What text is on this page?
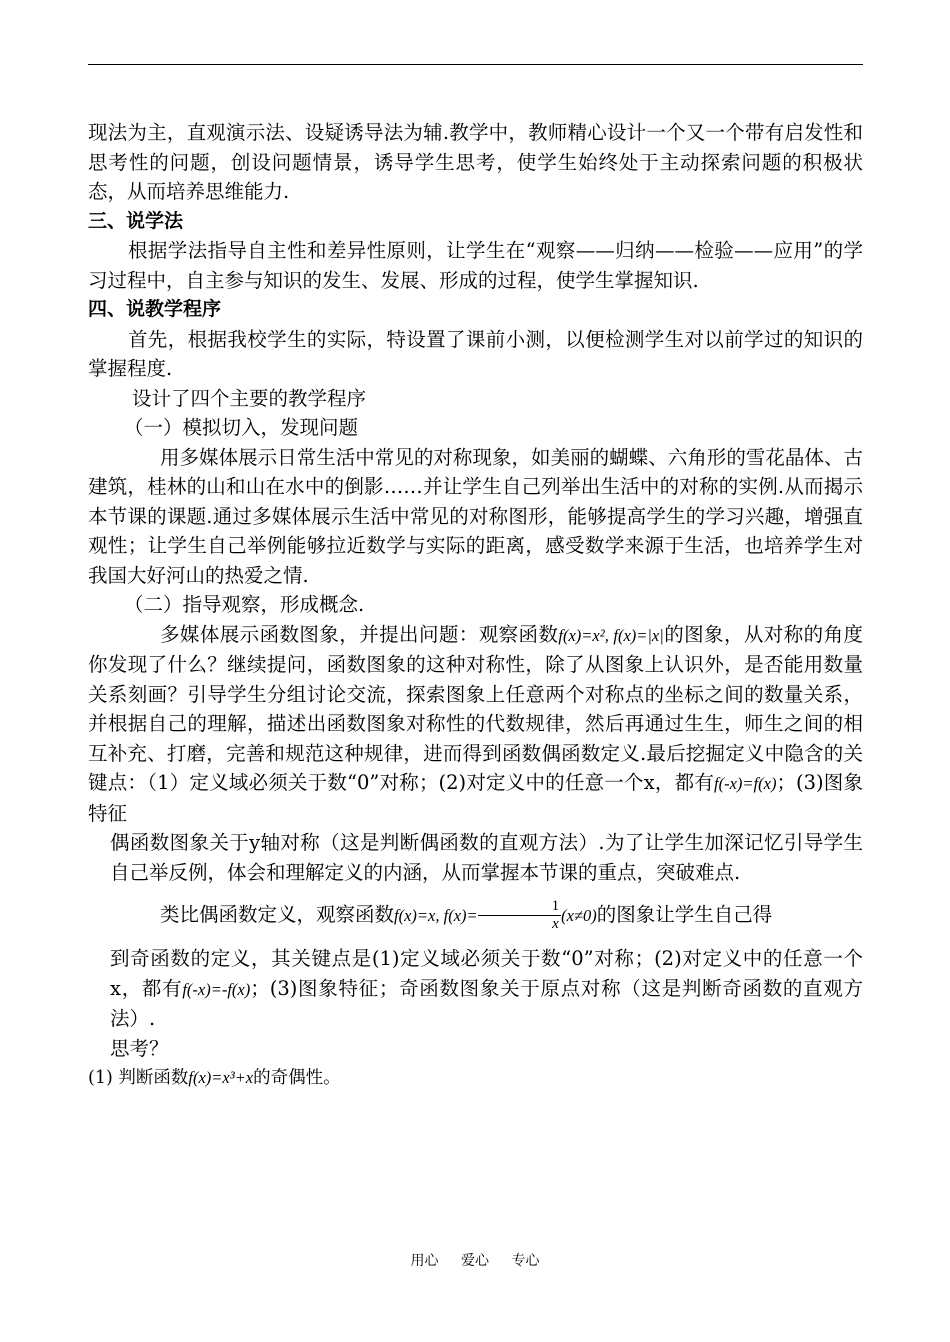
现法为主，直观演示法、设疑诱导法为辅.教学中，教师精心设计一个又一个带有启发性和思考性的问题，创设问题情景，诱导学生思考，使学生始终处于主动探索问题的积极状态，从而培养思维能力.

三、说学法

根据学法指导自主性和差异性原则，让学生在“观察——归纳——检验——应用”的学习过程中，自主参与知识的发生、发展、形成的过程，使学生掌握知识.

四、说教学程序

首先，根据我校学生的实际，特设置了课前小测，以便检测学生对以前学过的知识的掌握程度.

设计了四个主要的教学程序

（一）模拟切入，发现问题

用多媒体展示日常生活中常见的对称现象，如美丽的蝴蝶、六角形的雪花晶体、古建筑，桂林的山和山在水中的倒影……并让学生自己列举出生活中的对称的实例.从而揭示本节课的课题.通过多媒体展示生活中常见的对称图形，能够提高学生的学习兴趣，增强直观性；让学生自己举例能够拉近数学与实际的距离，感受数学来源于生活，也培养学生对我国大好河山的热爱之情.

（二）指导观察，形成概念.

多媒体展示函数图象，并提出问题：观察函数f(x)=x², f(x)=|x|的图象，从对称的角度你发现了什么？继续提问，函数图象的这种对称性，除了从图象上认识外，是否能用数量关系刻画？引导学生分组讨论交流，探索图象上任意两个对称点的坐标之间的数量关系，并根据自己的理解，描述出函数图象对称性的代数规律，然后再通过生生，师生之间的相互补充、打磨，完善和规范这种规律，进而得到函数偶函数定义.最后挖掘定义中隐含的关键点：（1）定义域必须关于数“0”对称；(2)对定义中的任意一个x，都有f(-x)=f(x)；(3)图象特征

偶函数图象关于y轴对称（这是判断偶函数的直观方法）.为了让学生加深记忆引导学生自己举反例，体会和理解定义的内涵，从而掌握本节课的重点，突破难点.

类比偶函数定义，观察函数f(x)=x, $f(x)= \frac{1}{x} (x\ne 0)$的图象让学生自己得

到奇函数的定义，其关键点是(1)定义域必须关于数“0”对称；(2)对定义中的任意一个x，都有f(-x)=-f(x)；(3)图象特征；奇函数图象关于原点对称（这是判断奇函数的直观方法）.

思考？

(1) 判断函数f(x)=x³+x的奇偶性。

用心 爱心 专心
